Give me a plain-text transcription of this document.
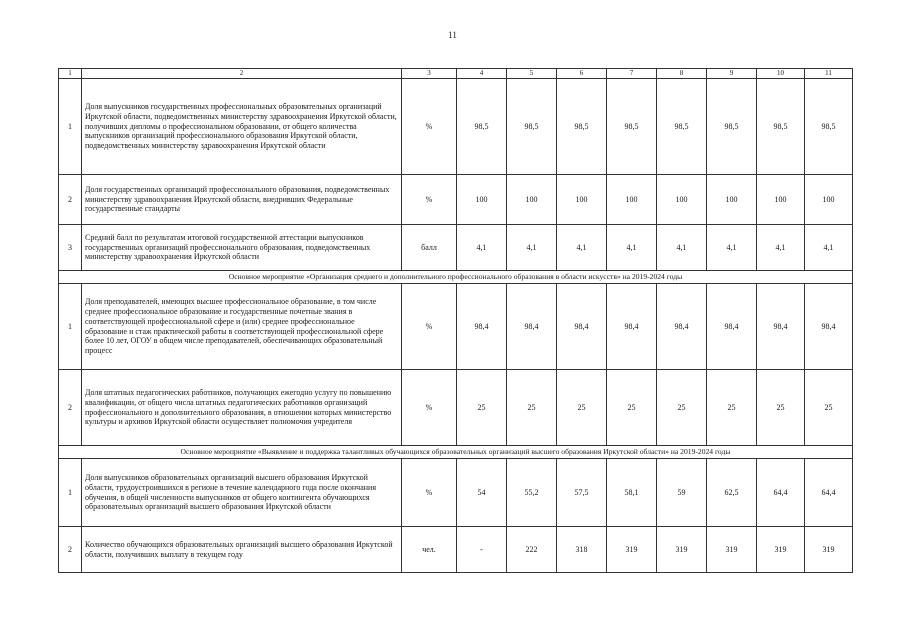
11
1	2	3	4	5	6	7	8	9	10	11
1	Доля выпускников государственных профессиональных образовательных организаций Иркутской области, подведомственных министерству здравоохранения Иркутской области, получивших дипломы о профессиональном образовании, от общего количества выпускников организаций профессионального образования Иркутской области, подведомственных министерству здравоохранения Иркутской области	%	98,5	98,5	98,5	98,5	98,5	98,5	98,5	98,5
2	Доля государственных организаций профессионального образования, подведомственных министерству здравоохранения Иркутской области, внедривших Федеральные государственные стандарты	%	100	100	100	100	100	100	100	100
3	Средний балл по результатам итоговой государственной аттестации выпускников государственных организаций профессионального образования, подведомственных министерству здравоохранения Иркутской области	балл	4,1	4,1	4,1	4,1	4,1	4,1	4,1	4,1
Основное мероприятие «Организация среднего и дополнительного профессионального образования в области искусств» на 2019-2024 годы										
1	Доля преподавателей, имеющих высшее профессиональное образование, в том числе среднее профессиональное образование и государственные почетные звания в соответствующей профессиональной сфере и (или) среднее профессиональное образование и стаж практической работы в соответствующей профессиональной сфере более 10 лет, ОГОУ в общем числе преподавателей, обеспечивающих образовательный процесс	%	98,4	98,4	98,4	98,4	98,4	98,4	98,4	98,4
2	Доля штатных педагогических работников, получающих ежегодно услугу по повышению квалификации, от общего числа штатных педагогических работников организаций профессионального и дополнительного образования, в отношении которых министерство культуры и архивов Иркутской области осуществляет полномочия учредителя	%	25	25	25	25	25	25	25	25
Основное мероприятие «Выявление и поддержка талантливых обучающихся образовательных организаций высшего образования Иркутской области» на 2019-2024 годы										
1	Доля выпускников образовательных организаций высшего образования Иркутской области, трудоустроившихся в регионе в течение календарного года после окончания обучения, в общей численности выпускников от общего контингента обучающихся образовательных организаций высшего образования Иркутской области	%	54	55,2	57,5	58,1	59	62,5	64,4	64,4
2	Количество обучающихся образовательных организаций высшего образования Иркутской области, получивших выплату в текущем году	чел.	-	222	318	319	319	319	319	319
